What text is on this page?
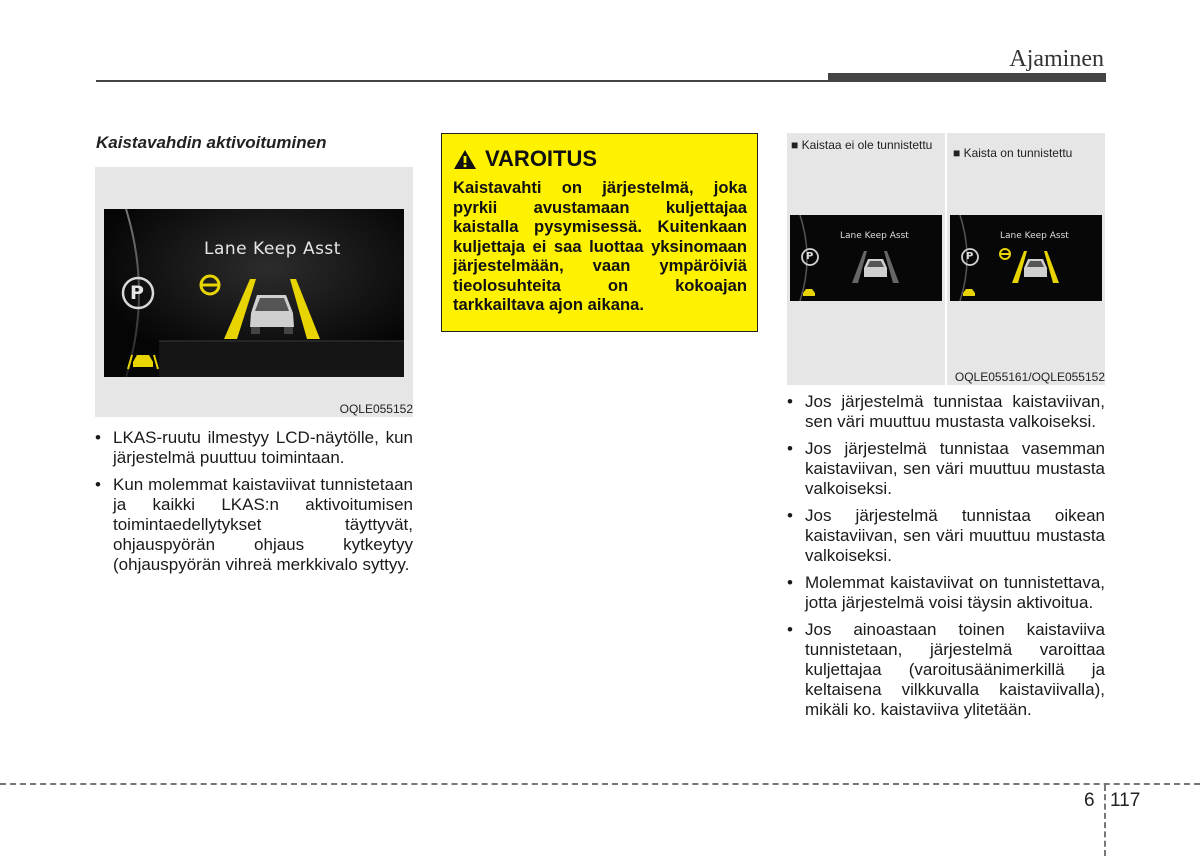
Ajaminen
Kaistavahdin aktivoituminen
Lane Keep Asst
P
OQLE055152
• LKAS-ruutu ilmestyy LCD-näytölle, kun järjestelmä puuttuu toimintaan.
• Kun molemmat kaistaviivat tunnistetaan ja kaikki LKAS:n aktivoitumisen toimintaedellytykset täyttyvät, ohjauspyörän ohjaus kytkeytyy (ohjauspyörän vihreä merkkivalo syttyy.
VAROITUS
Kaistavahti on järjestelmä, joka pyrkii avustamaan kuljettajaa kaistalla pysymisessä. Kuitenkaan kuljettaja ei saa luottaa yksinomaan järjestelmään, vaan ympäröiviä tieolosuhteita on kokoajan tarkkailtava ajon aikana.
■ Kaistaa ei ole tunnistettu
■ Kaista on tunnistettu
Lane Keep Asst
P
Lane Keep Asst
P
OQLE055161/OQLE055152
• Jos järjestelmä tunnistaa kaistaviivan, sen väri muuttuu mustasta valkoiseksi.
• Jos järjestelmä tunnistaa vasemman kaistaviivan, sen väri muuttuu mustasta valkoiseksi.
• Jos järjestelmä tunnistaa oikean kaistaviivan, sen väri muuttuu mustasta valkoiseksi.
• Molemmat kaistaviivat on tunnistettava, jotta järjestelmä voisi täysin aktivoitua.
• Jos ainoastaan toinen kaistaviiva tunnistetaan, järjestelmä varoittaa kuljettajaa (varoitusäänimerkillä ja keltaisena vilkkuvalla kaistaviivalla), mikäli ko. kaistaviiva ylitetään.
6 117
